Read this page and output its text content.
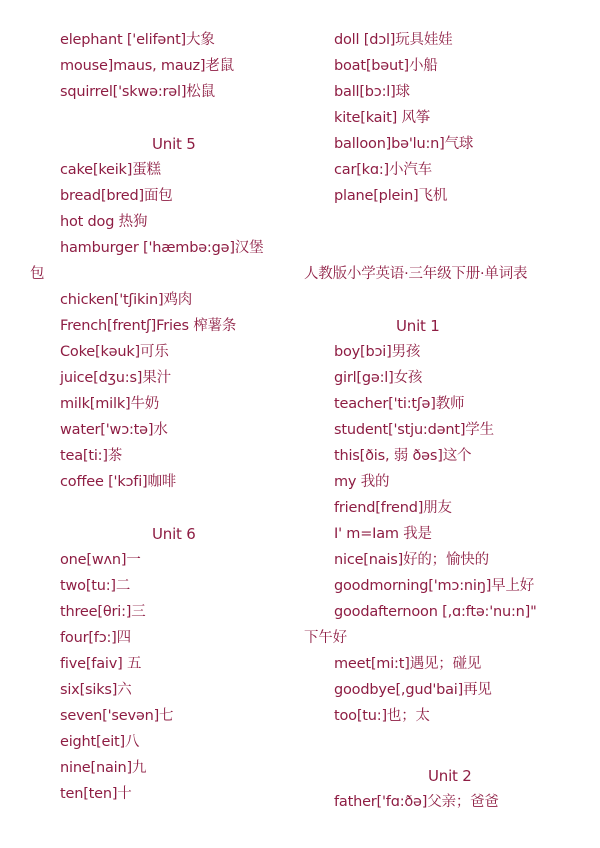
elephant ['elifənt]大象
mouse]maus, mauz]老鼠
squirrel['skwə:rəl]松鼠
Unit 5
cake[keik]蛋糕
bread[bred]面包
hot dog 热狗
hamburger ['hæmbə:gə]汉堡
包
chicken['tʃikin]鸡肉
French[frentʃ]Fries 榨薯条
Coke[kəuk]可乐
juice[dʒu:s]果汁
milk[milk]牛奶
water['wɔ:tə]水
tea[ti:]茶
coffee ['kɔfi]咖啡
Unit 6
one[wʌn]一
two[tu:]二
three[θri:]三
four[fɔ:]四
five[faiv] 五
six[siks]六
seven['sevən]七
eight[eit]八
nine[nain]九
ten[ten]十
doll [dɔl]玩具娃娃
boat[bəut]小船
ball[bɔ:l]球
kite[kait] 风筝
balloon]bə'lu:n]气球
car[kɑ:]小汽车
plane[plein]飞机
人教版小学英语·三年级下册·单词表
Unit 1
boy[bɔi]男孩
girl[gə:l]女孩
teacher['ti:tʃə]教师
student['stju:dənt]学生
this[ðis, 弱 ðəs]这个
my 我的
friend[frend]朋友
I' m=Iam 我是
nice[nais]好的；愉快的
goodmorning['mɔ:niŋ]早上好
goodafternoon [,ɑ:ftə:'nu:n]"
下午好
meet[mi:t]遇见；碰见
goodbye[,gud'bai]再见
too[tu:]也；太
Unit 2
father['fɑ:ðə]父亲；爸爸
